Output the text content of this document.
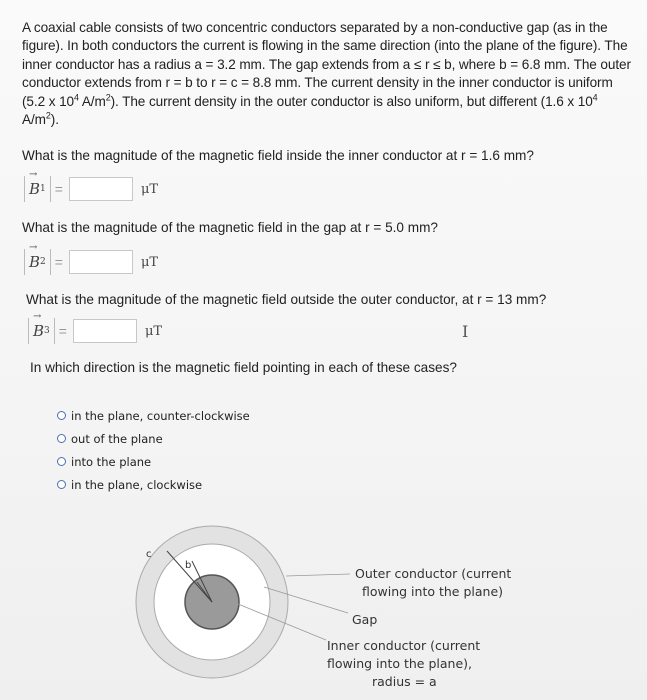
A coaxial cable consists of two concentric conductors separated by a non-conductive gap (as in the figure). In both conductors the current is flowing in the same direction (into the plane of the figure). The inner conductor has a radius a = 3.2 mm. The gap extends from a ≤ r ≤ b, where b = 6.8 mm. The outer conductor extends from r = b to r = c = 8.8 mm. The current density in the inner conductor is uniform (5.2 x $10^4$ $A/m^2$). The current density in the outer conductor is also uniform, but different (1.6 x $10^4$ $A/m^2$).
What is the magnitude of the magnetic field inside the inner conductor at r = 1.6 mm?
→ B 1 =	μT
What is the magnitude of the magnetic field in the gap at r = 5.0 mm?
→ B 2 =	μT
What is the magnitude of the magnetic field outside the outer conductor, at r = 13 mm?
→ B 3 =	μT	I
In which direction is the magnetic field pointing in each of these cases?
in the plane, counter-clockwise
out of the plane
into the plane
in the plane, clockwise
c
b
Outer conductor (current
flowing into the plane)
Gap
Inner conductor (current
flowing into the plane),
radius = a
